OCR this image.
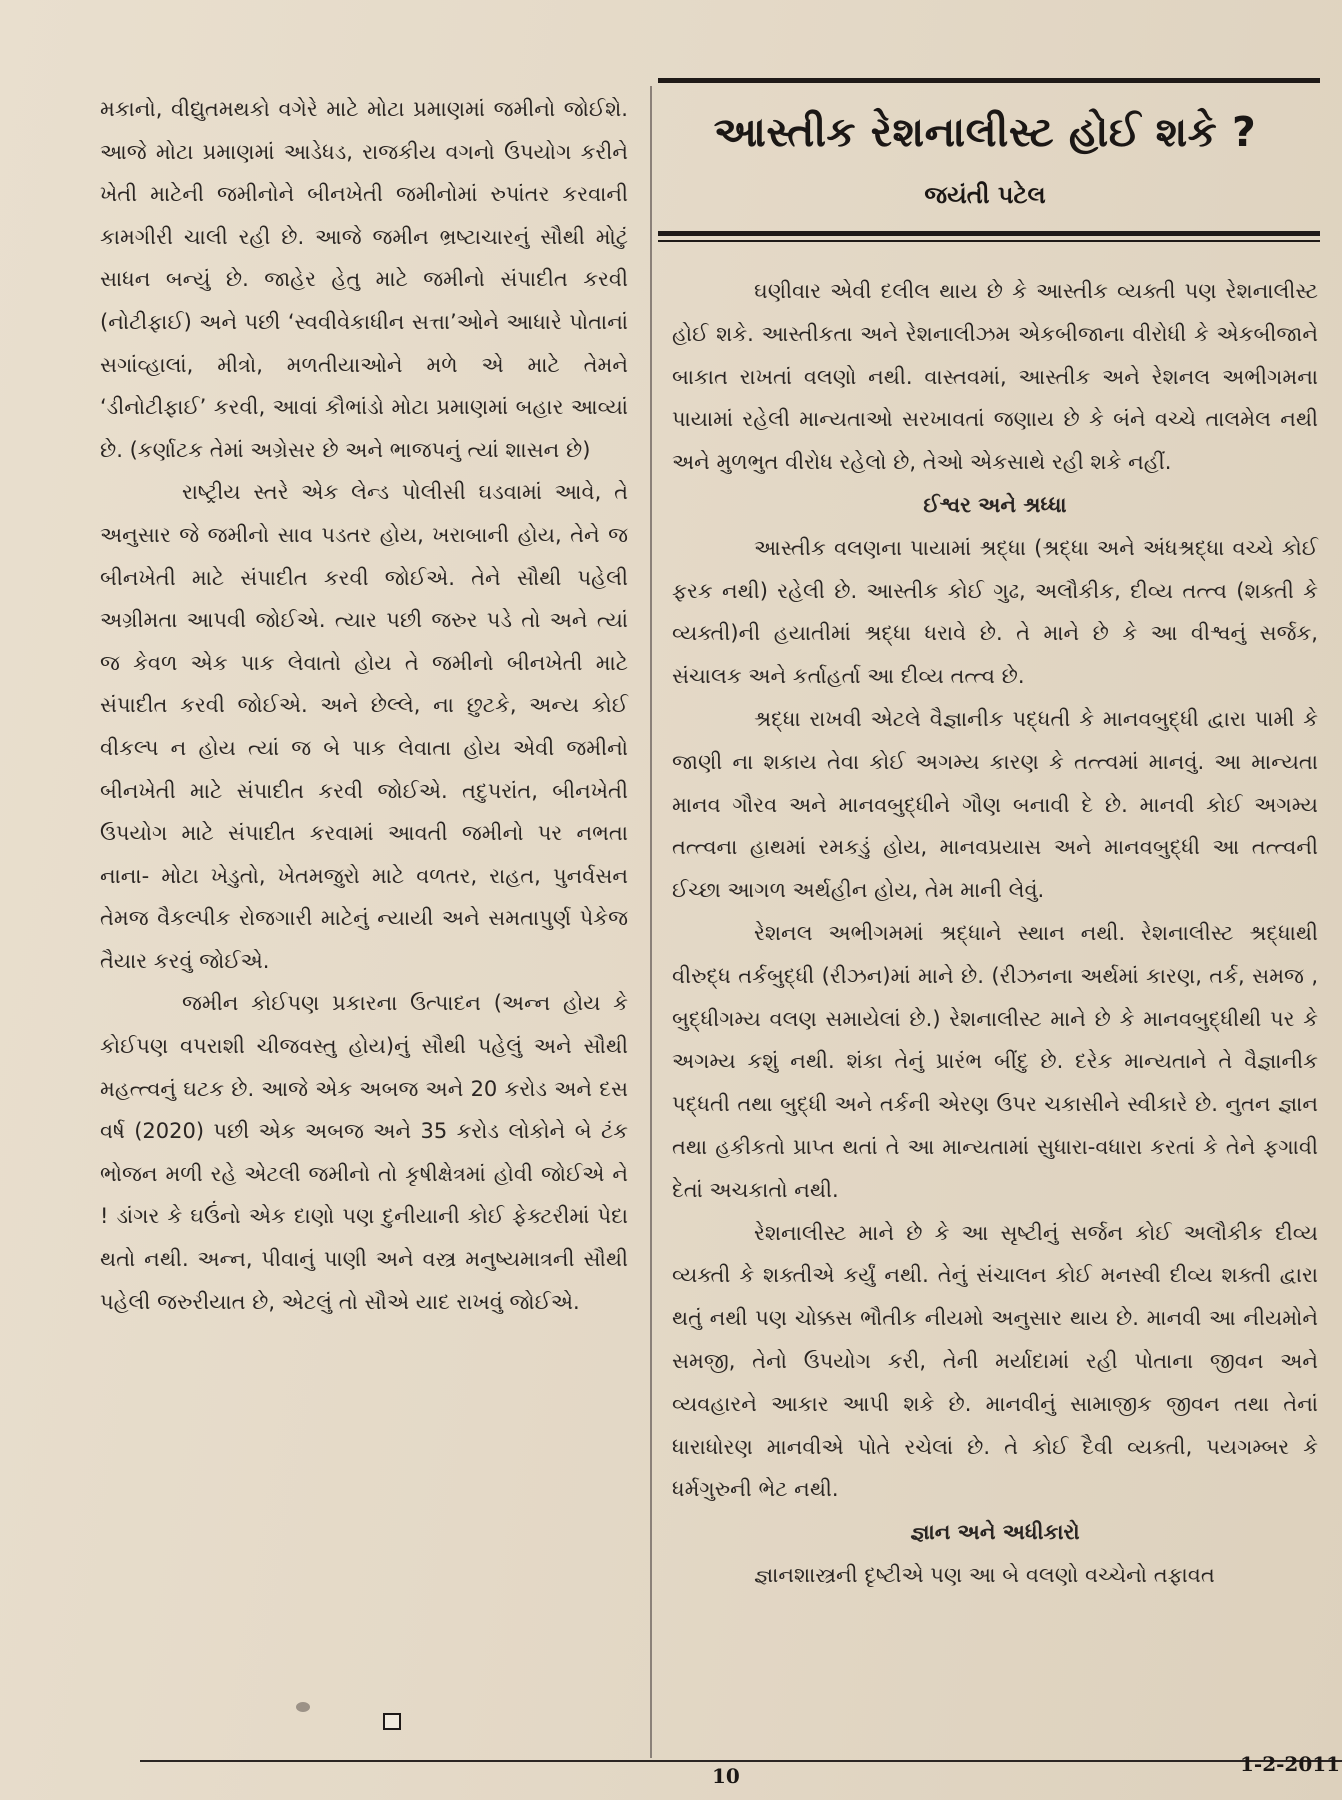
મકાનો, વીદ્યુતમથકો વગેરે માટે મોટા પ્રમાણમાં જમીનો જોઈશે. આજે મોટા પ્રમાણમાં આડેધડ, રાજકીય વગનો ઉપયોગ કરીને ખેતી માટેની જમીનોને બીનખેતી જમીનોમાં રુપાંતર કરવાની કામગીરી ચાલી રહી છે. આજે જમીન ભ્રષ્ટાચારનું સૌથી મોટું સાધન બન્યું છે. જાહેર હેતુ માટે જમીનો સંપાદીત કરવી (નોટીફાઈ) અને પછી ‘સ્વવીવેકાધીન સત્તા’ઓને આધારે પોતાનાં સગાંવ્હાલાં, મીત્રો, મળતીયાઓને મળે એ માટે તેમને ‘ડીનોટીફાઈ’ કરવી, આવાં કૌભાંડો મોટા પ્રમાણમાં બહાર આવ્યાં છે. (કર્ણાટક તેમાં અગ્રેસર છે અને ભાજપનું ત્યાં શાસન છે)

રાષ્ટ્રીય સ્તરે એક લેન્ડ પોલીસી ઘડવામાં આવે, તે અનુસાર જે જમીનો સાવ પડતર હોય, ખરાબાની હોય, તેને જ બીનખેતી માટે સંપાદીત કરવી જોઈએ. તેને સૌથી પહેલી અગ્રીમતા આપવી જોઈએ. ત્યાર પછી જરુર પડે તો અને ત્યાં જ કેવળ એક પાક લેવાતો હોય તે જમીનો બીનખેતી માટે સંપાદીત કરવી જોઈએ. અને છેલ્લે, ના છુટકે, અન્ય કોઈ વીકલ્પ ન હોય ત્યાં જ બે પાક લેવાતા હોય એવી જમીનો બીનખેતી માટે સંપાદીત કરવી જોઈએ. તદુપરાંત, બીનખેતી ઉપયોગ માટે સંપાદીત કરવામાં આવતી જમીનો પર નભતા નાના- મોટા ખેડુતો, ખેતમજુરો માટે વળતર, રાહત, પુનર્વસન તેમજ વૈકલ્પીક રોજગારી માટેનું ન્યાયી અને સમતાપુર્ણ પેકેજ તૈયાર કરવું જોઈએ.

જમીન કોઈપણ પ્રકારના ઉત્પાદન (અન્ન હોય કે કોઈપણ વપરાશી ચીજવસ્તુ હોય)નું સૌથી પહેલું અને સૌથી મહત્ત્વનું ઘટક છે. આજે એક અબજ અને 20 કરોડ અને દસ વર્ષ (2020) પછી એક અબજ અને 35 કરોડ લોકોને બે ટંક ભોજન મળી રહે એટલી જમીનો તો કૃષીક્ષેત્રમાં હોવી જોઈએ ને ! ડાંગર કે ઘઉંનો એક દાણો પણ દુનીયાની કોઈ ફેક્ટરીમાં પેદા થતો નથી. અન્ન, પીવાનું પાણી અને વસ્ત્ર મનુષ્યમાત્રની સૌથી પહેલી જરુરીયાત છે, એટલું તો સૌએ યાદ રાખવું જોઈએ.

આસ્તીક રેશનાલીસ્ટ હોઈ શકે ?
જયંતી પટેલ

ઘણીવાર એવી દલીલ થાય છે કે આસ્તીક વ્યક્તી પણ રેશનાલીસ્ટ હોઈ શકે. આસ્તીકતા અને રેશનાલીઝમ એકબીજાના વીરોધી કે એકબીજાને બાકાત રાખતાં વલણો નથી. વાસ્તવમાં, આસ્તીક અને રેશનલ અભીગમના પાયામાં રહેલી માન્યતાઓ સરખાવતાં જણાય છે કે બંને વચ્ચે તાલમેલ નથી અને મુળભુત વીરોધ રહેલો છે, તેઓ એકસાથે રહી શકે નહીં.

ઈશ્વર અને શ્રધ્ધા

આસ્તીક વલણના પાયામાં શ્રદ્ધા (શ્રદ્ધા અને અંધશ્રદ્ધા વચ્ચે કોઈ ફરક નથી) રહેલી છે. આસ્તીક કોઈ ગુઢ, અલૌકીક, દીવ્ય તત્ત્વ (શક્તી કે વ્યક્તી)ની હયાતીમાં શ્રદ્ધા ધરાવે છે. તે માને છે કે આ વીશ્વનું સર્જક, સંચાલક અને કર્તાહર્તા આ દીવ્ય તત્ત્વ છે.

શ્રદ્ધા રાખવી એટલે વૈજ્ઞાનીક પદ્ધતી કે માનવબુદ્ધી દ્વારા પામી કે જાણી ના શકાય તેવા કોઈ અગમ્ય કારણ કે તત્ત્વમાં માનવું. આ માન્યતા માનવ ગૌરવ અને માનવબુદ્ધીને ગૌણ બનાવી દે છે. માનવી કોઈ અગમ્ય તત્ત્વના હાથમાં રમકડું હોય, માનવપ્રયાસ અને માનવબુદ્ધી આ તત્ત્વની ઈચ્છા આગળ અર્થહીન હોય, તેમ માની લેવું.

રેશનલ અભીગમમાં શ્રદ્ધાને સ્થાન નથી. રેશનાલીસ્ટ શ્રદ્ધાથી વીરુદ્ધ તર્કબુદ્ધી (રીઝન)માં માને છે. (રીઝનના અર્થમાં કારણ, તર્ક, સમજ , બુદ્ધીગમ્ય વલણ સમાયેલાં છે.) રેશનાલીસ્ટ માને છે કે માનવબુદ્ધીથી પર કે અગમ્ય કશું નથી. શંકા તેનું પ્રારંભ બીંદુ છે. દરેક માન્યતાને તે વૈજ્ઞાનીક પદ્ધતી તથા બુદ્ધી અને તર્કની એરણ ઉપર ચકાસીને સ્વીકારે છે. નુતન જ્ઞાન તથા હકીકતો પ્રાપ્ત થતાં તે આ માન્યતામાં સુધારા-વધારા કરતાં કે તેને ફગાવી દેતાં અચકાતો નથી.

રેશનાલીસ્ટ માને છે કે આ સૃષ્ટીનું સર્જન કોઈ અલૌકીક દીવ્ય વ્યક્તી કે શક્તીએ કર્યું નથી. તેનું સંચાલન કોઈ મનસ્વી દીવ્ય શક્તી દ્વારા થતું નથી પણ ચોક્કસ ભૌતીક નીયમો અનુસાર થાય છે. માનવી આ નીયમોને સમજી, તેનો ઉપયોગ કરી, તેની મર્યાદામાં રહી પોતાના જીવન અને વ્યવહારને આકાર આપી શકે છે. માનવીનું સામાજીક જીવન તથા તેનાં ધારાધોરણ માનવીએ પોતે રચેલાં છે. તે કોઈ દૈવી વ્યક્તી, પયગમ્બર કે ધર્મગુરુની ભેટ નથી.

જ્ઞાન અને અધીકારો

જ્ઞાનશાસ્ત્રની દૃષ્ટીએ પણ આ બે વલણો વચ્ચેનો તફાવત

10	1-2-2011
